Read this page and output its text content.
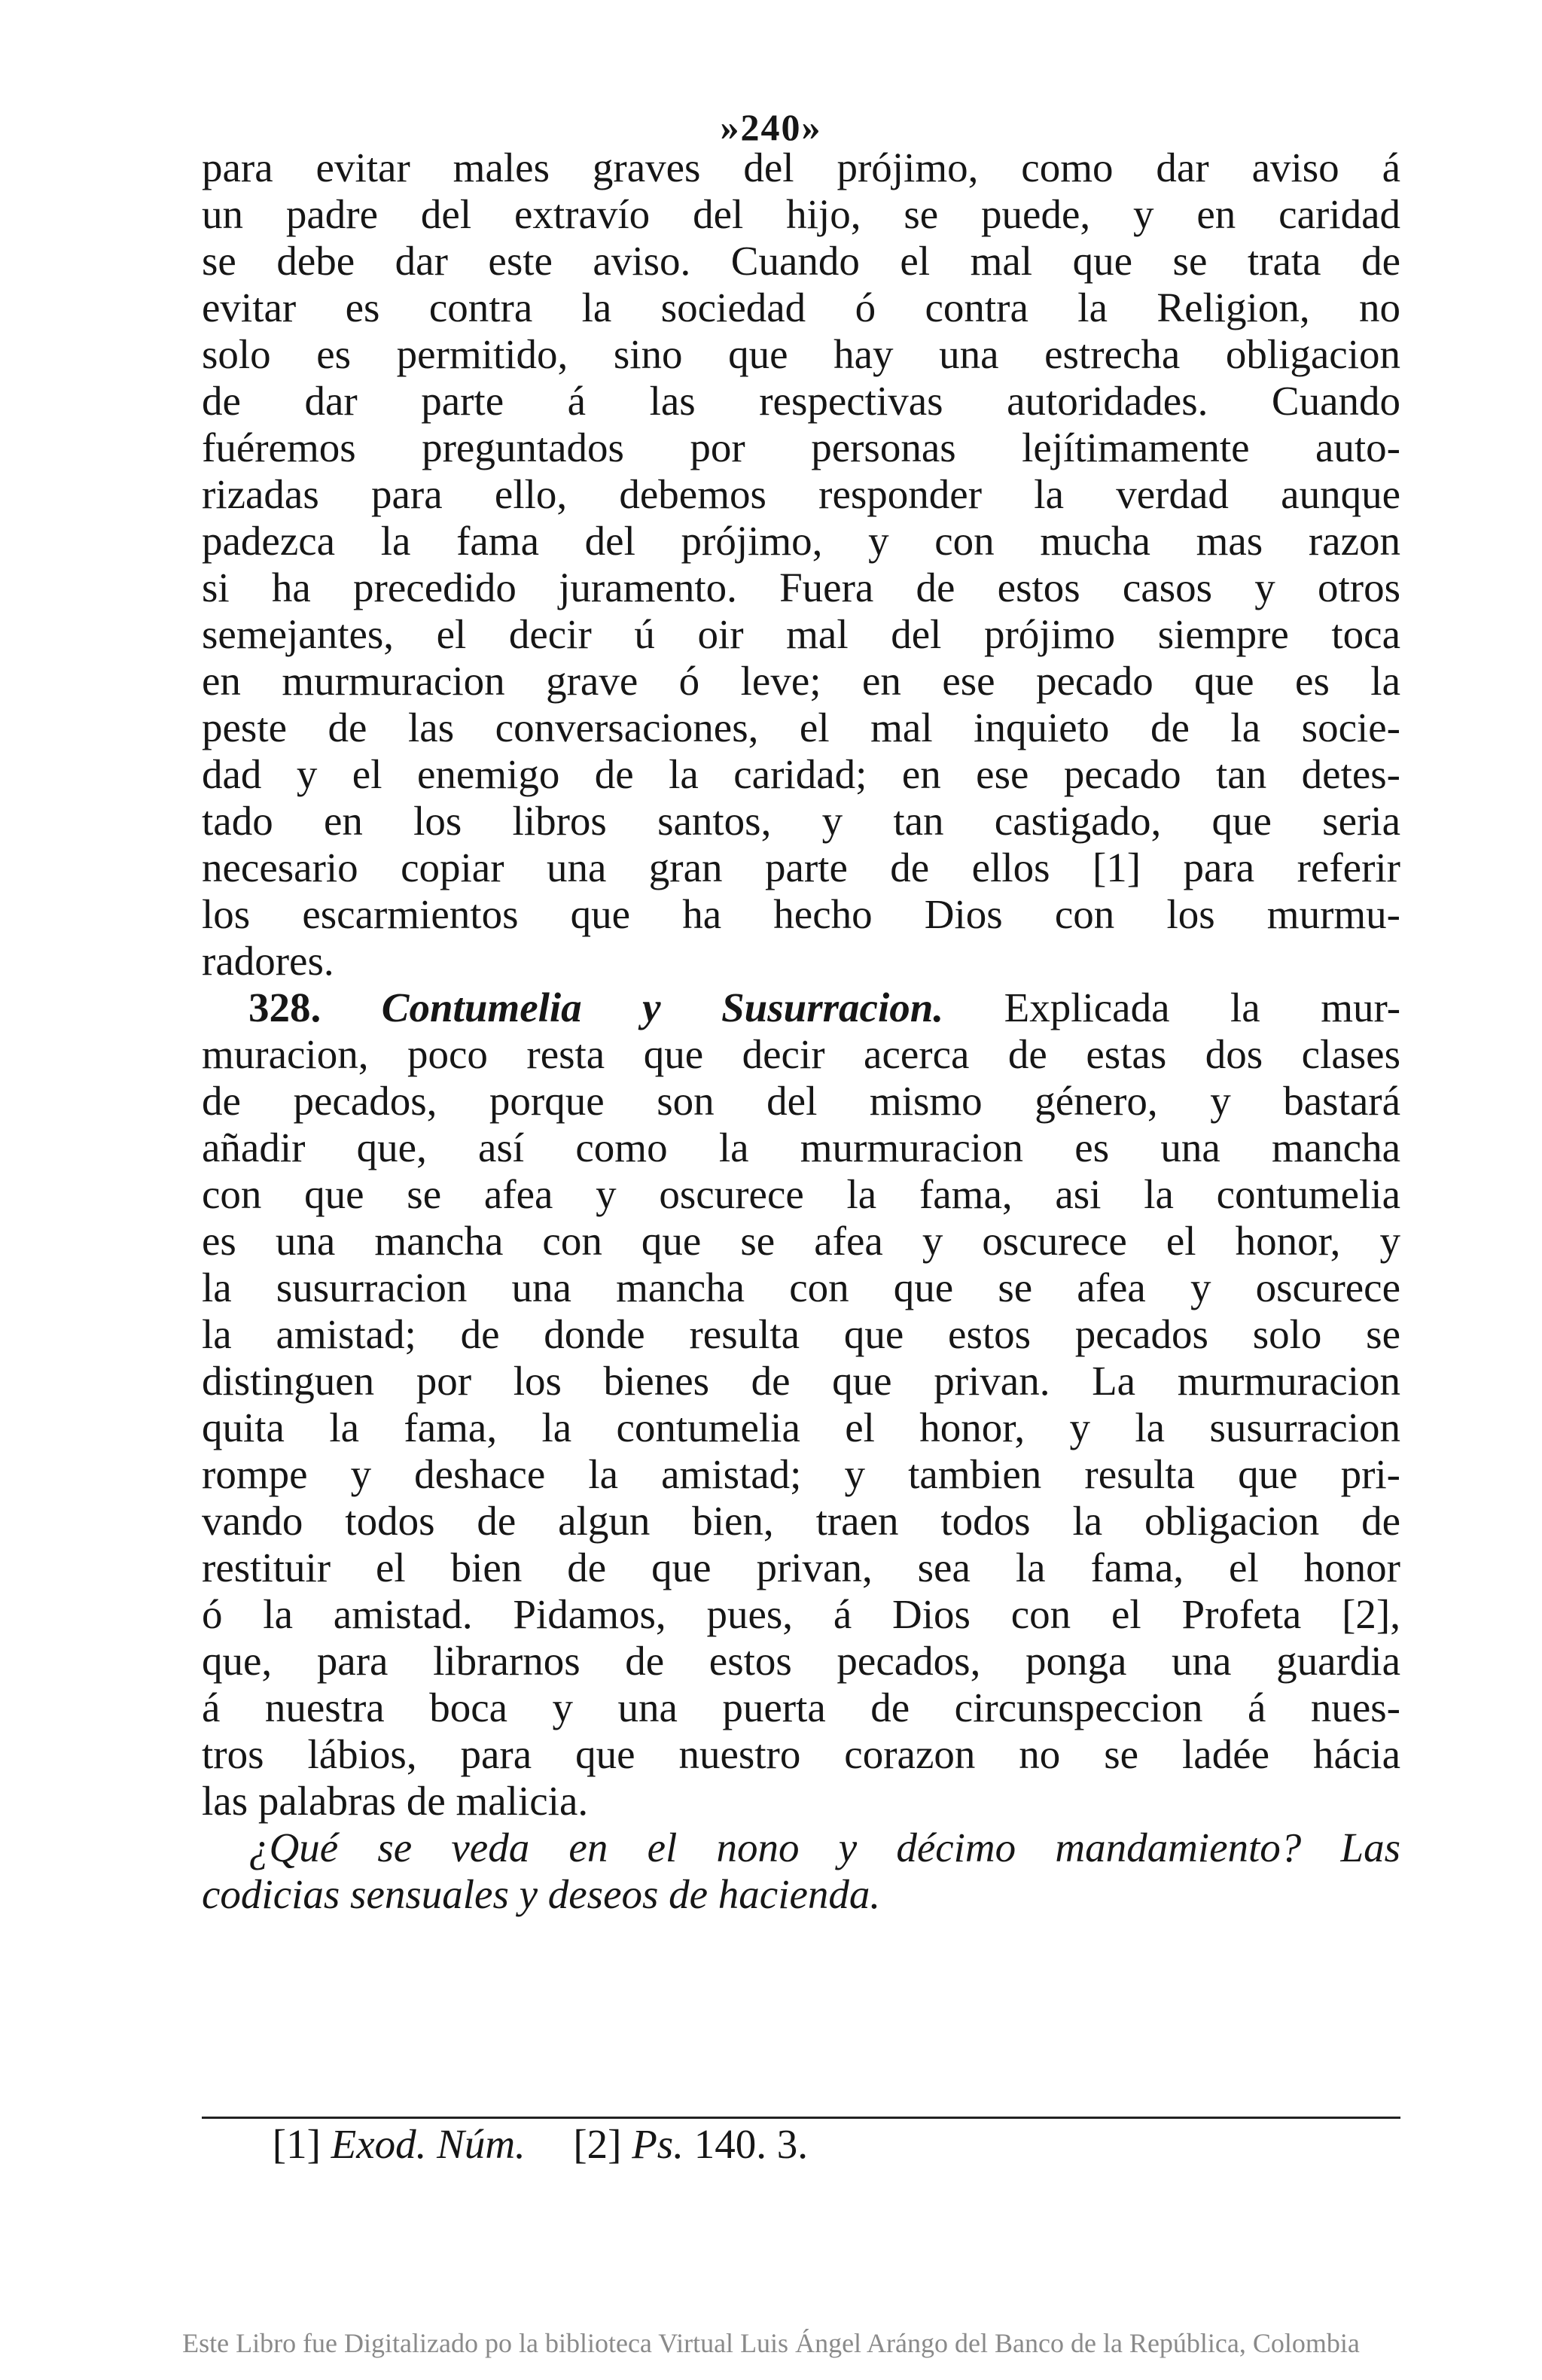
»240»
para evitar males graves del prójimo, como dar aviso á
un padre del extravío del hijo, se puede, y en caridad
se debe dar este aviso. Cuando el mal que se trata de
evitar es contra la sociedad ó contra la Religion, no
solo es permitido, sino que hay una estrecha obligacion
de dar parte á las respectivas autoridades. Cuando
fuéremos preguntados por personas lejítimamente auto-
rizadas para ello, debemos responder la verdad aunque
padezca la fama del prójimo, y con mucha mas razon
si ha precedido juramento. Fuera de estos casos y otros
semejantes, el decir ú oir mal del prójimo siempre toca
en murmuracion grave ó leve; en ese pecado que es la
peste de las conversaciones, el mal inquieto de la socie-
dad y el enemigo de la caridad; en ese pecado tan detes-
tado en los libros santos, y tan castigado, que seria
necesario copiar una gran parte de ellos [1] para referir
los escarmientos que ha hecho Dios con los murmu-
radores.
328. Contumelia y Susurracion. Explicada la mur-
muracion, poco resta que decir acerca de estas dos clases
de pecados, porque son del mismo género, y bastará
añadir que, así como la murmuracion es una mancha
con que se afea y oscurece la fama, asi la contumelia
es una mancha con que se afea y oscurece el honor, y
la susurracion una mancha con que se afea y oscurece
la amistad; de donde resulta que estos pecados solo se
distinguen por los bienes de que privan. La murmuracion
quita la fama, la contumelia el honor, y la susurracion
rompe y deshace la amistad; y tambien resulta que pri-
vando todos de algun bien, traen todos la obligacion de
restituir el bien de que privan, sea la fama, el honor
ó la amistad. Pidamos, pues, á Dios con el Profeta [2],
que, para librarnos de estos pecados, ponga una guardia
á nuestra boca y una puerta de circunspeccion á nues-
tros lábios, para que nuestro corazon no se ladée hácia
las palabras de malicia.
¿Qué se veda en el nono y décimo mandamiento? Las
codicias sensuales y deseos de hacienda.
[1] Exod. Núm. [2] Ps. 140. 3.
Este Libro fue Digitalizado po la biblioteca Virtual Luis Ángel Arángo del Banco de la República, Colombia
